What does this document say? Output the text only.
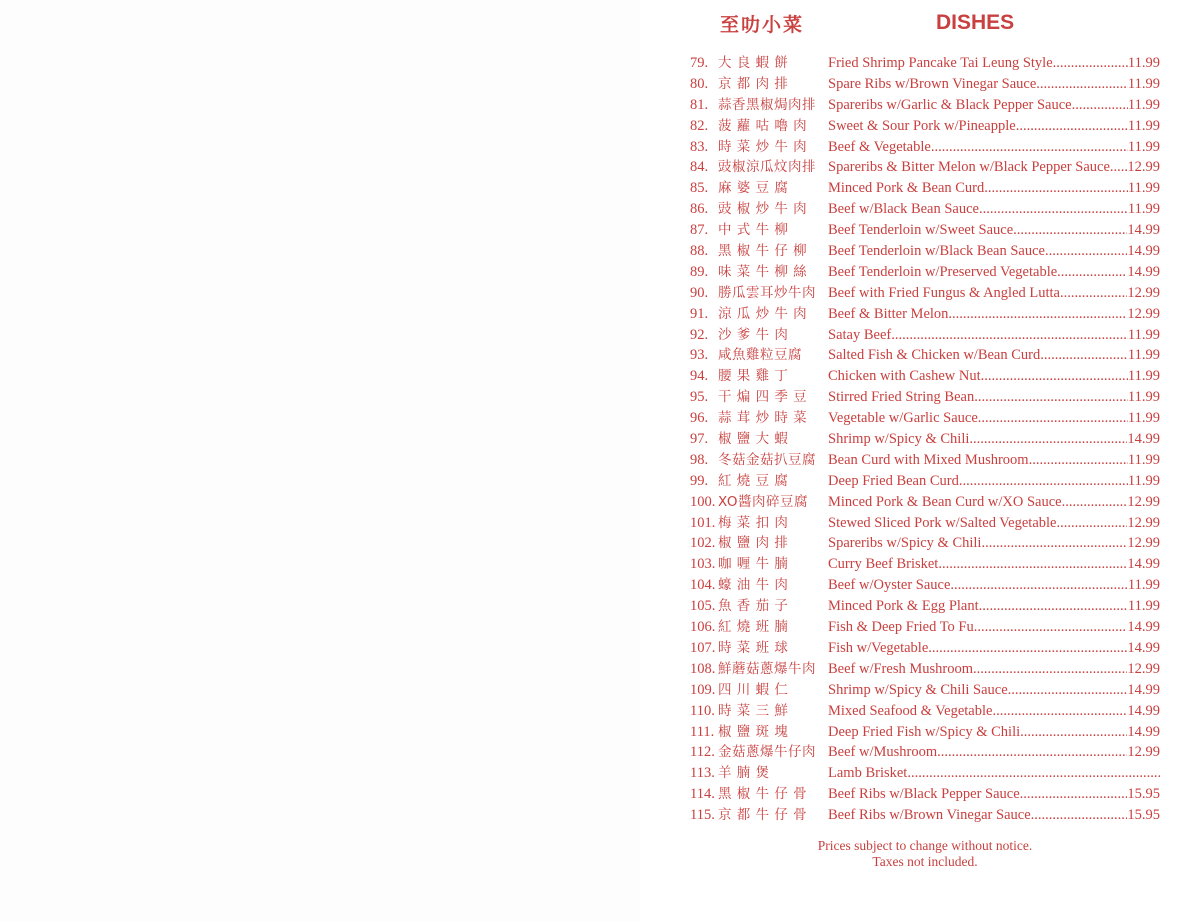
至叻小菜	DISHES
79. 大 良 蝦 餅	Fried Shrimp Pancake Tai Leung Style .....	11.99
80. 京 都 肉 排	Spare Ribs w/Brown Vinegar Sauce .....	11.99
81. 蒜香黑椒焗肉排 Spareribs w/Garlic & Black Pepper Sauce .....	11.99
82. 菠 蘿 咕 嚕 肉	Sweet & Sour Pork w/Pineapple .....	11.99
83. 時 菜 炒 牛 肉	Beef & Vegetable .....	11.99
84. 豉椒涼瓜炆肉排 Spareribs & Bitter Melon w/Black Pepper Sauce ..... 12.99
85. 麻 婆 豆 腐	Minced Pork & Bean Curd .....	11.99
86. 豉 椒 炒 牛 肉	Beef w/Black Bean Sauce .....	11.99
87. 中 式 牛 柳	Beef Tenderloin w/Sweet Sauce .....	14.99
88. 黑 椒 牛 仔 柳	Beef Tenderloin w/Black Bean Sauce .....	14.99
89. 味 菜 牛 柳 絲	Beef Tenderloin w/Preserved Vegetable .....	14.99
90. 勝瓜雲耳炒牛肉 Beef with Fried Fungus & Angled Lutta .....	12.99
91. 涼 瓜 炒 牛 肉	Beef & Bitter Melon .....	12.99
92. 沙 爹 牛 肉	Satay Beef .....	11.99
93. 咸魚雞粒豆腐	Salted Fish & Chicken w/Bean Curd .....	11.99
94. 腰 果 雞 丁	Chicken with Cashew Nut .....	11.99
95. 干 煸 四 季 豆	Stirred Fried String Bean .....	11.99
96. 蒜 茸 炒 時 菜	Vegetable w/Garlic Sauce .....	11.99
97. 椒 鹽 大 蝦	Shrimp w/Spicy & Chili .....	14.99
98. 冬菇金菇扒豆腐 Bean Curd with Mixed Mushroom .....	11.99
99. 紅 燒 豆 腐	Deep Fried Bean Curd .....	11.99
100. XO醬肉碎豆腐	Minced Pork & Bean Curd w/XO Sauce .....	12.99
101. 梅 菜 扣 肉	Stewed Sliced Pork w/Salted Vegetable .....	12.99
102. 椒 鹽 肉 排	Spareribs w/Spicy & Chili .....	12.99
103. 咖 喱 牛 腩	Curry Beef Brisket .....	14.99
104. 蠔 油 牛 肉	Beef w/Oyster Sauce .....	11.99
105. 魚 香 茄 子	Minced Pork & Egg Plant .....	11.99
106. 紅 燒 班 腩	Fish & Deep Fried To Fu .....	14.99
107. 時 菜 班 球	Fish w/Vegetable .....	14.99
108. 鮮蘑菇蔥爆牛肉 Beef w/Fresh Mushroom .....	12.99
109. 四 川 蝦 仁	Shrimp w/Spicy & Chili Sauce .....	14.99
110. 時 菜 三 鮮	Mixed Seafood & Vegetable .....	14.99
111. 椒 鹽 斑 塊	Deep Fried Fish w/Spicy & Chili .....	14.99
112. 金菇蔥爆牛仔肉 Beef w/Mushroom .....	12.99
113. 羊 腩 煲	Lamb Brisket
.....
114. 黑 椒 牛 仔 骨	Beef Ribs w/Black Pepper Sauce .....	15.95
115. 京 都 牛 仔 骨	Beef Ribs w/Brown Vinegar Sauce .....	15.95
Prices subject to change without notice.
Taxes not included.
